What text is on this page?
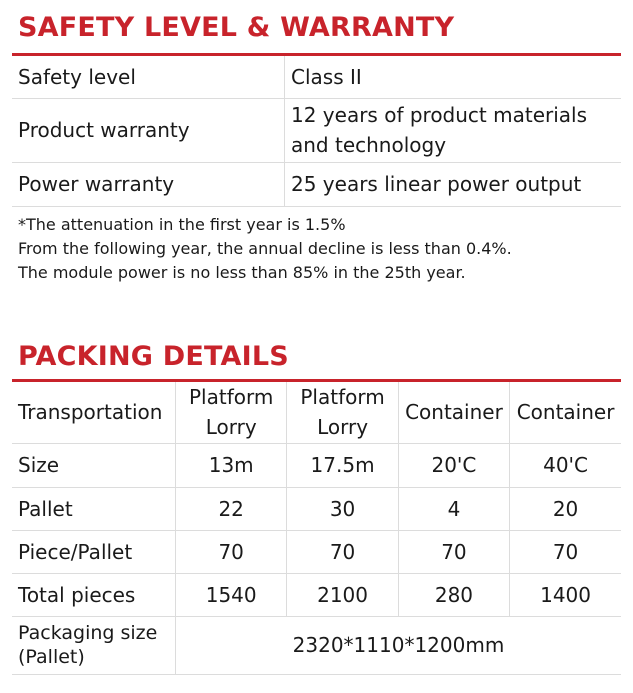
SAFETY LEVEL & WARRANTY
Safety level	Class II
Product warranty	12 years of product materials and technology
Power warranty	25 years linear power output
*The attenuation in the first year is 1.5%
From the following year, the annual decline is less than 0.4%.
The module power is no less than 85% in the 25th year.
PACKING DETAILS
Transportation	Platform Lorry	Platform Lorry	Container	Container
Size	13m	17.5m	20'C	40'C
Pallet	22	30	4	20
Piece/Pallet	70	70	70	70
Total pieces	1540	2100	280	1400
Packaging size (Pallet)	2320*1110*1200mm			
